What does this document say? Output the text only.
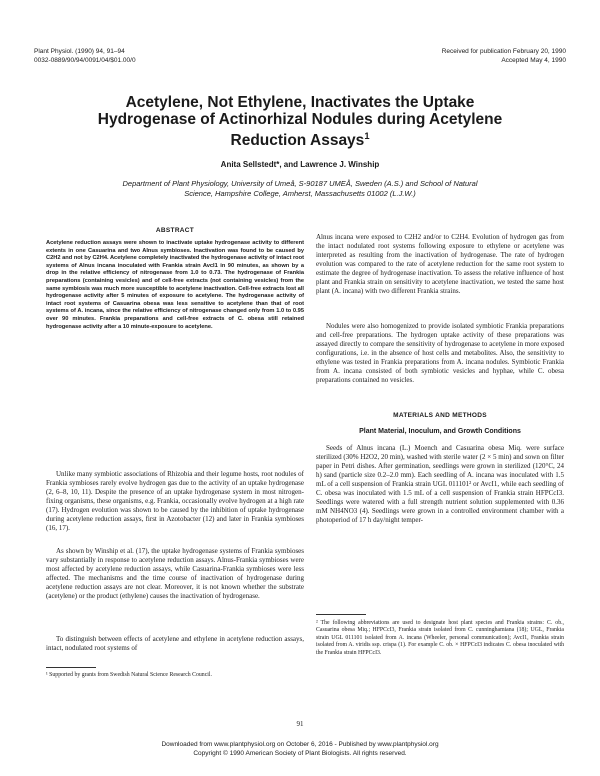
Plant Physiol. (1990) 94, 91–94
0032-0889/90/94/0091/04/$01.00/0
Received for publication February 20, 1990
Accepted May 4, 1990
Acetylene, Not Ethylene, Inactivates the Uptake
Hydrogenase of Actinorhizal Nodules during Acetylene
Reduction Assays$^1$
Anita Sellstedt*, and Lawrence J. Winship
Department of Plant Physiology, University of Umeå, S-90187 UMEÅ, Sweden (A.S.) and School of Natural
Science, Hampshire College, Amherst, Massachusetts 01002 (L.J.W.)
ABSTRACT
Acetylene reduction assays were shown to inactivate uptake hydrogenase activity to different extents in one Casuarina and two Alnus symbioses. Inactivation was found to be caused by C2H2 and not by C2H4. Acetylene completely inactivated the hydrogenase activity of intact root systems of Alnus incana inoculated with Frankia strain AvcI1 in 90 minutes, as shown by a drop in the relative efficiency of nitrogenase from 1.0 to 0.73. The hydrogenase of Frankia preparations (containing vesicles) and of cell-free extracts (not containing vesicles) from the same symbiosis was much more susceptible to acetylene inactivation. Cell-free extracts lost all hydrogenase activity after 5 minutes of exposure to acetylene. The hydrogenase activity of intact root systems of Casuarina obesa was less sensitive to acetylene than that of root systems of A. incana, since the relative efficiency of nitrogenase changed only from 1.0 to 0.95 over 90 minutes. Frankia preparations and cell-free extracts of C. obesa still retained hydrogenase activity after a 10 minute-exposure to acetylene.

Unlike many symbiotic associations of Rhizobia and their legume hosts, root nodules of Frankia symbioses rarely evolve hydrogen gas due to the activity of an uptake hydrogenase (2, 6–8, 10, 11). Despite the presence of an uptake hydrogenase system in most nitrogen-fixing organisms, these organisms, e.g. Frankia, occasionally evolve hydrogen at a high rate (17). Hydrogen evolution was shown to be caused by the inhibition of uptake hydrogenase during acetylene reduction assays, first in Azotobacter (12) and later in Frankia symbioses (16, 17).

As shown by Winship et al. (17), the uptake hydrogenase systems of Frankia symbioses vary substantially in response to acetylene reduction assays. Alnus-Frankia symbioses were most affected by acetylene reduction assays, while Casuarina-Frankia symbioses were less affected. The mechanisms and the time course of inactivation of hydrogenase during acetylene reduction assays are not clear. Moreover, it is not known whether the substrate (acetylene) or the product (ethylene) causes the inactivation of hydrogenase.

To distinguish between effects of acetylene and ethylene in acetylene reduction assays, intact, nodulated root systems of

¹ Supported by grants from Swedish Natural Science Research Council.

Alnus incana were exposed to C2H2 and/or to C2H4. Evolution of hydrogen gas from the intact nodulated root systems following exposure to ethylene or acetylene was interpreted as resulting from the inactivation of hydrogenase. The rate of hydrogen evolution was compared to the rate of acetylene reduction for the same root system to estimate the degree of hydrogenase inactivation. To assess the relative influence of host plant and Frankia strain on sensitivity to acetylene inactivation, we tested the same host plant (A. incana) with two different Frankia strains.

Nodules were also homogenized to provide isolated symbiotic Frankia preparations and cell-free preparations. The hydrogen uptake activity of these preparations was assayed directly to compare the sensitivity of hydrogenase to acetylene in more exposed configurations, i.e. in the absence of host cells and metabolites. Also, the sensitivity to ethylene was tested in Frankia preparations from A. incana nodules. Symbiotic Frankia from A. incana consisted of both symbiotic vesicles and hyphae, while C. obesa preparations contained no vesicles.

MATERIALS AND METHODS
Plant Material, Inoculum, and Growth Conditions

Seeds of Alnus incana (L.) Moench and Casuarina obesa Miq. were surface sterilized (30% H2O2, 20 min), washed with sterile water (2 × 5 min) and sown on filter paper in Petri dishes. After germination, seedlings were grown in sterilized (120°C, 24 h) sand (particle size 0.2–2.0 mm). Each seedling of A. incana was inoculated with 1.5 mL of a cell suspension of Frankia strain UGL 011101² or AvcI1, while each seedling of C. obesa was inoculated with 1.5 mL of a cell suspension of Frankia strain HFPCcI3. Seedlings were watered with a full strength nutrient solution supplemented with 0.36 mM NH4NO3 (4). Seedlings were grown in a controlled environment chamber with a photoperiod of 17 h day/night temper-

² The following abbreviations are used to designate host plant species and Frankia strains: C. ob., Casuarina obesa Miq.; HFPCcI3, Frankia strain isolated from C. cunninghamiana (18); UGL, Frankia strain UGL 011101 isolated from A. incana (Wheeler, personal communication); AvcI1, Frankia strain isolated from A. viridis ssp. crispa (1). For example C. ob. × HFPCcI3 indicates C. obesa inoculated with the Frankia strain HFPCcI3.
91
Downloaded from www.plantphysiol.org on October 6, 2016 - Published by www.plantphysiol.org
Copyright © 1990 American Society of Plant Biologists. All rights reserved.
